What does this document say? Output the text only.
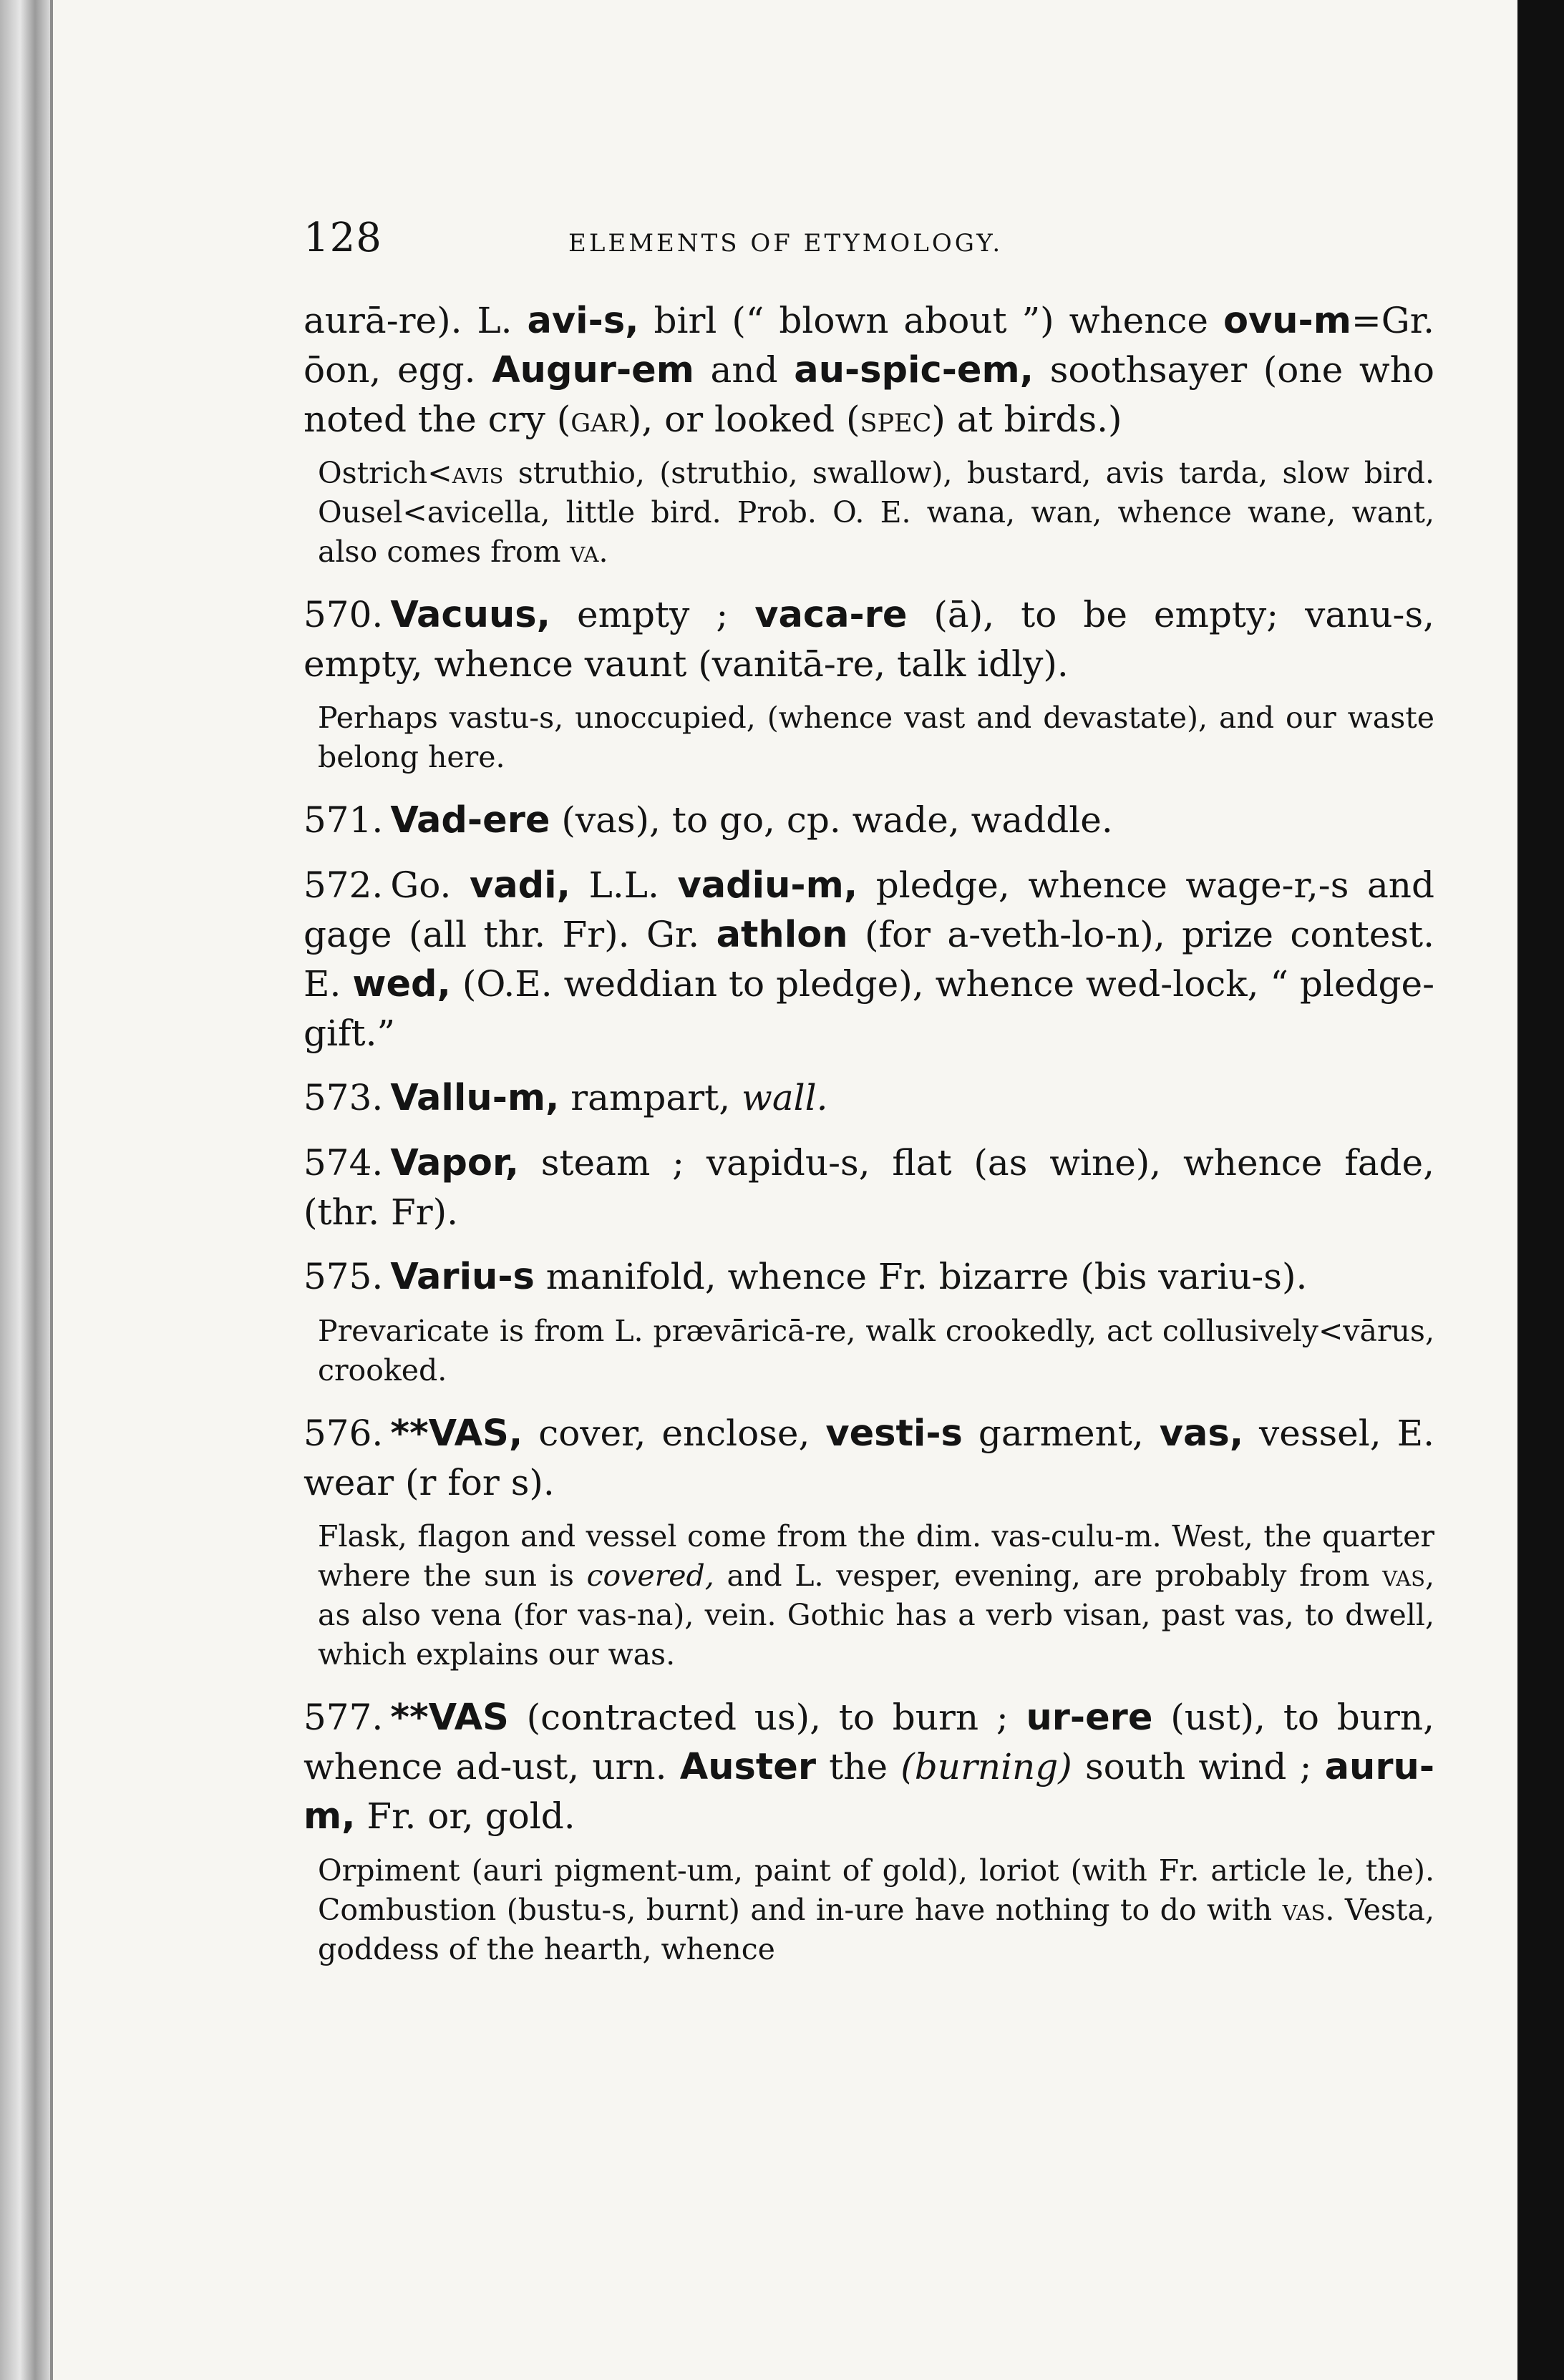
128	ELEMENTS OF ETYMOLOGY.

aurā-re). L. avi-s, birl (“ blown about ”) whence ovu-m=Gr. ōon, egg. Augur-em and au-spic-em, soothsayer (one who noted the cry (gar), or looked (spec) at birds.)

Ostrich<avis struthio, (struthio, swallow), bustard, avis tarda, slow bird. Ousel<avicella, little bird. Prob. O. E. wana, wan, whence wane, want, also comes from va.

570. Vacuus, empty ; vaca-re (ā), to be empty; vanu-s, empty, whence vaunt (vanitā-re, talk idly).

Perhaps vastu-s, unoccupied, (whence vast and devastate), and our waste belong here.

571. Vad-ere (vas), to go, cp. wade, waddle.

572. Go. vadi, L.L. vadiu-m, pledge, whence wage-r,-s and gage (all thr. Fr). Gr. athlon (for a-veth-lo-n), prize contest. E. wed, (O.E. weddian to pledge), whence wed-lock, “ pledge-gift.”

573. Vallu-m, rampart, wall.

574. Vapor, steam ; vapidu-s, flat (as wine), whence fade, (thr. Fr).

575. Variu-s manifold, whence Fr. bizarre (bis variu-s).

Prevaricate is from L. prævāricā-re, walk crookedly, act collusively<vārus, crooked.

576. **VAS, cover, enclose, vesti-s garment, vas, vessel, E. wear (r for s).

Flask, flagon and vessel come from the dim. vas-culu-m. West, the quarter where the sun is covered, and L. vesper, evening, are probably from vas, as also vena (for vas-na), vein. Gothic has a verb visan, past vas, to dwell, which explains our was.

577. **VAS (contracted us), to burn ; ur-ere (ust), to burn, whence ad-ust, urn. Auster the (burning) south wind ; auru-m, Fr. or, gold.

Orpiment (auri pigment-um, paint of gold), loriot (with Fr. article le, the). Combustion (bustu-s, burnt) and in-ure have nothing to do with vas. Vesta, goddess of the hearth, whence
